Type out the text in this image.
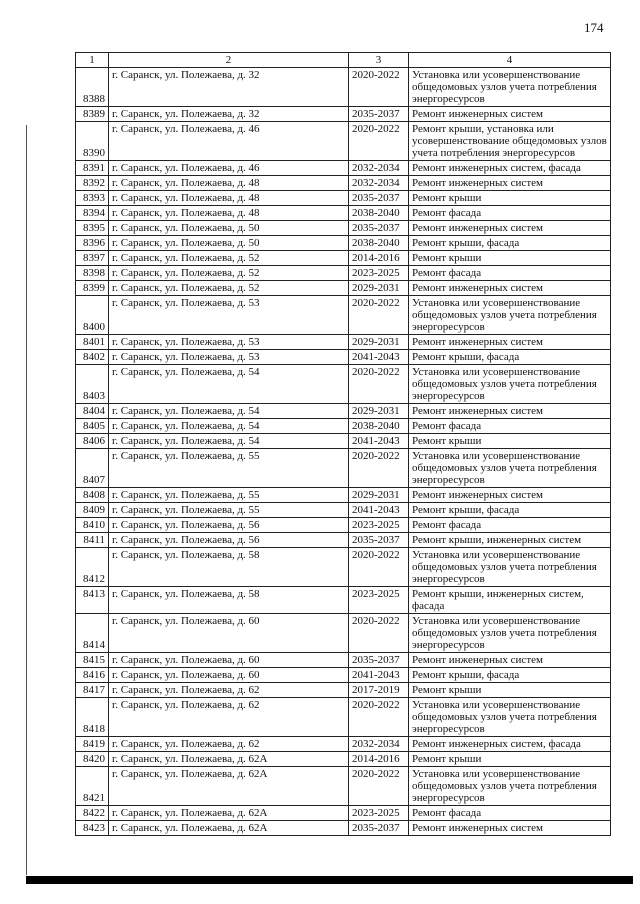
174
1	2	3	4
8388	г. Саранск, ул. Полежаева, д. 32	2020-2022	Установка или усовершенствование общедомовых узлов учета потребления энергоресурсов
8389	г. Саранск, ул. Полежаева, д. 32	2035-2037	Ремонт инженерных систем
8390	г. Саранск, ул. Полежаева, д. 46	2020-2022	Ремонт крыши, установка или усовершенствование общедомовых узлов учета потребления энергоресурсов
8391	г. Саранск, ул. Полежаева, д. 46	2032-2034	Ремонт инженерных систем, фасада
8392	г. Саранск, ул. Полежаева, д. 48	2032-2034	Ремонт инженерных систем
8393	г. Саранск, ул. Полежаева, д. 48	2035-2037	Ремонт крыши
8394	г. Саранск, ул. Полежаева, д. 48	2038-2040	Ремонт фасада
8395	г. Саранск, ул. Полежаева, д. 50	2035-2037	Ремонт инженерных систем
8396	г. Саранск, ул. Полежаева, д. 50	2038-2040	Ремонт крыши, фасада
8397	г. Саранск, ул. Полежаева, д. 52	2014-2016	Ремонт крыши
8398	г. Саранск, ул. Полежаева, д. 52	2023-2025	Ремонт фасада
8399	г. Саранск, ул. Полежаева, д. 52	2029-2031	Ремонт инженерных систем
8400	г. Саранск, ул. Полежаева, д. 53	2020-2022	Установка или усовершенствование общедомовых узлов учета потребления энергоресурсов
8401	г. Саранск, ул. Полежаева, д. 53	2029-2031	Ремонт инженерных систем
8402	г. Саранск, ул. Полежаева, д. 53	2041-2043	Ремонт крыши, фасада
8403	г. Саранск, ул. Полежаева, д. 54	2020-2022	Установка или усовершенствование общедомовых узлов учета потребления энергоресурсов
8404	г. Саранск, ул. Полежаева, д. 54	2029-2031	Ремонт инженерных систем
8405	г. Саранск, ул. Полежаева, д. 54	2038-2040	Ремонт фасада
8406	г. Саранск, ул. Полежаева, д. 54	2041-2043	Ремонт крыши
8407	г. Саранск, ул. Полежаева, д. 55	2020-2022	Установка или усовершенствование общедомовых узлов учета потребления энергоресурсов
8408	г. Саранск, ул. Полежаева, д. 55	2029-2031	Ремонт инженерных систем
8409	г. Саранск, ул. Полежаева, д. 55	2041-2043	Ремонт крыши, фасада
8410	г. Саранск, ул. Полежаева, д. 56	2023-2025	Ремонт фасада
8411	г. Саранск, ул. Полежаева, д. 56	2035-2037	Ремонт крыши, инженерных систем
8412	г. Саранск, ул. Полежаева, д. 58	2020-2022	Установка или усовершенствование общедомовых узлов учета потребления энергоресурсов
8413	г. Саранск, ул. Полежаева, д. 58	2023-2025	Ремонт крыши, инженерных систем, фасада
8414	г. Саранск, ул. Полежаева, д. 60	2020-2022	Установка или усовершенствование общедомовых узлов учета потребления энергоресурсов
8415	г. Саранск, ул. Полежаева, д. 60	2035-2037	Ремонт инженерных систем
8416	г. Саранск, ул. Полежаева, д. 60	2041-2043	Ремонт крыши, фасада
8417	г. Саранск, ул. Полежаева, д. 62	2017-2019	Ремонт крыши
8418	г. Саранск, ул. Полежаева, д. 62	2020-2022	Установка или усовершенствование общедомовых узлов учета потребления энергоресурсов
8419	г. Саранск, ул. Полежаева, д. 62	2032-2034	Ремонт инженерных систем, фасада
8420	г. Саранск, ул. Полежаева, д. 62А	2014-2016	Ремонт крыши
8421	г. Саранск, ул. Полежаева, д. 62А	2020-2022	Установка или усовершенствование общедомовых узлов учета потребления энергоресурсов
8422	г. Саранск, ул. Полежаева, д. 62А	2023-2025	Ремонт фасада
8423	г. Саранск, ул. Полежаева, д. 62А	2035-2037	Ремонт инженерных систем
